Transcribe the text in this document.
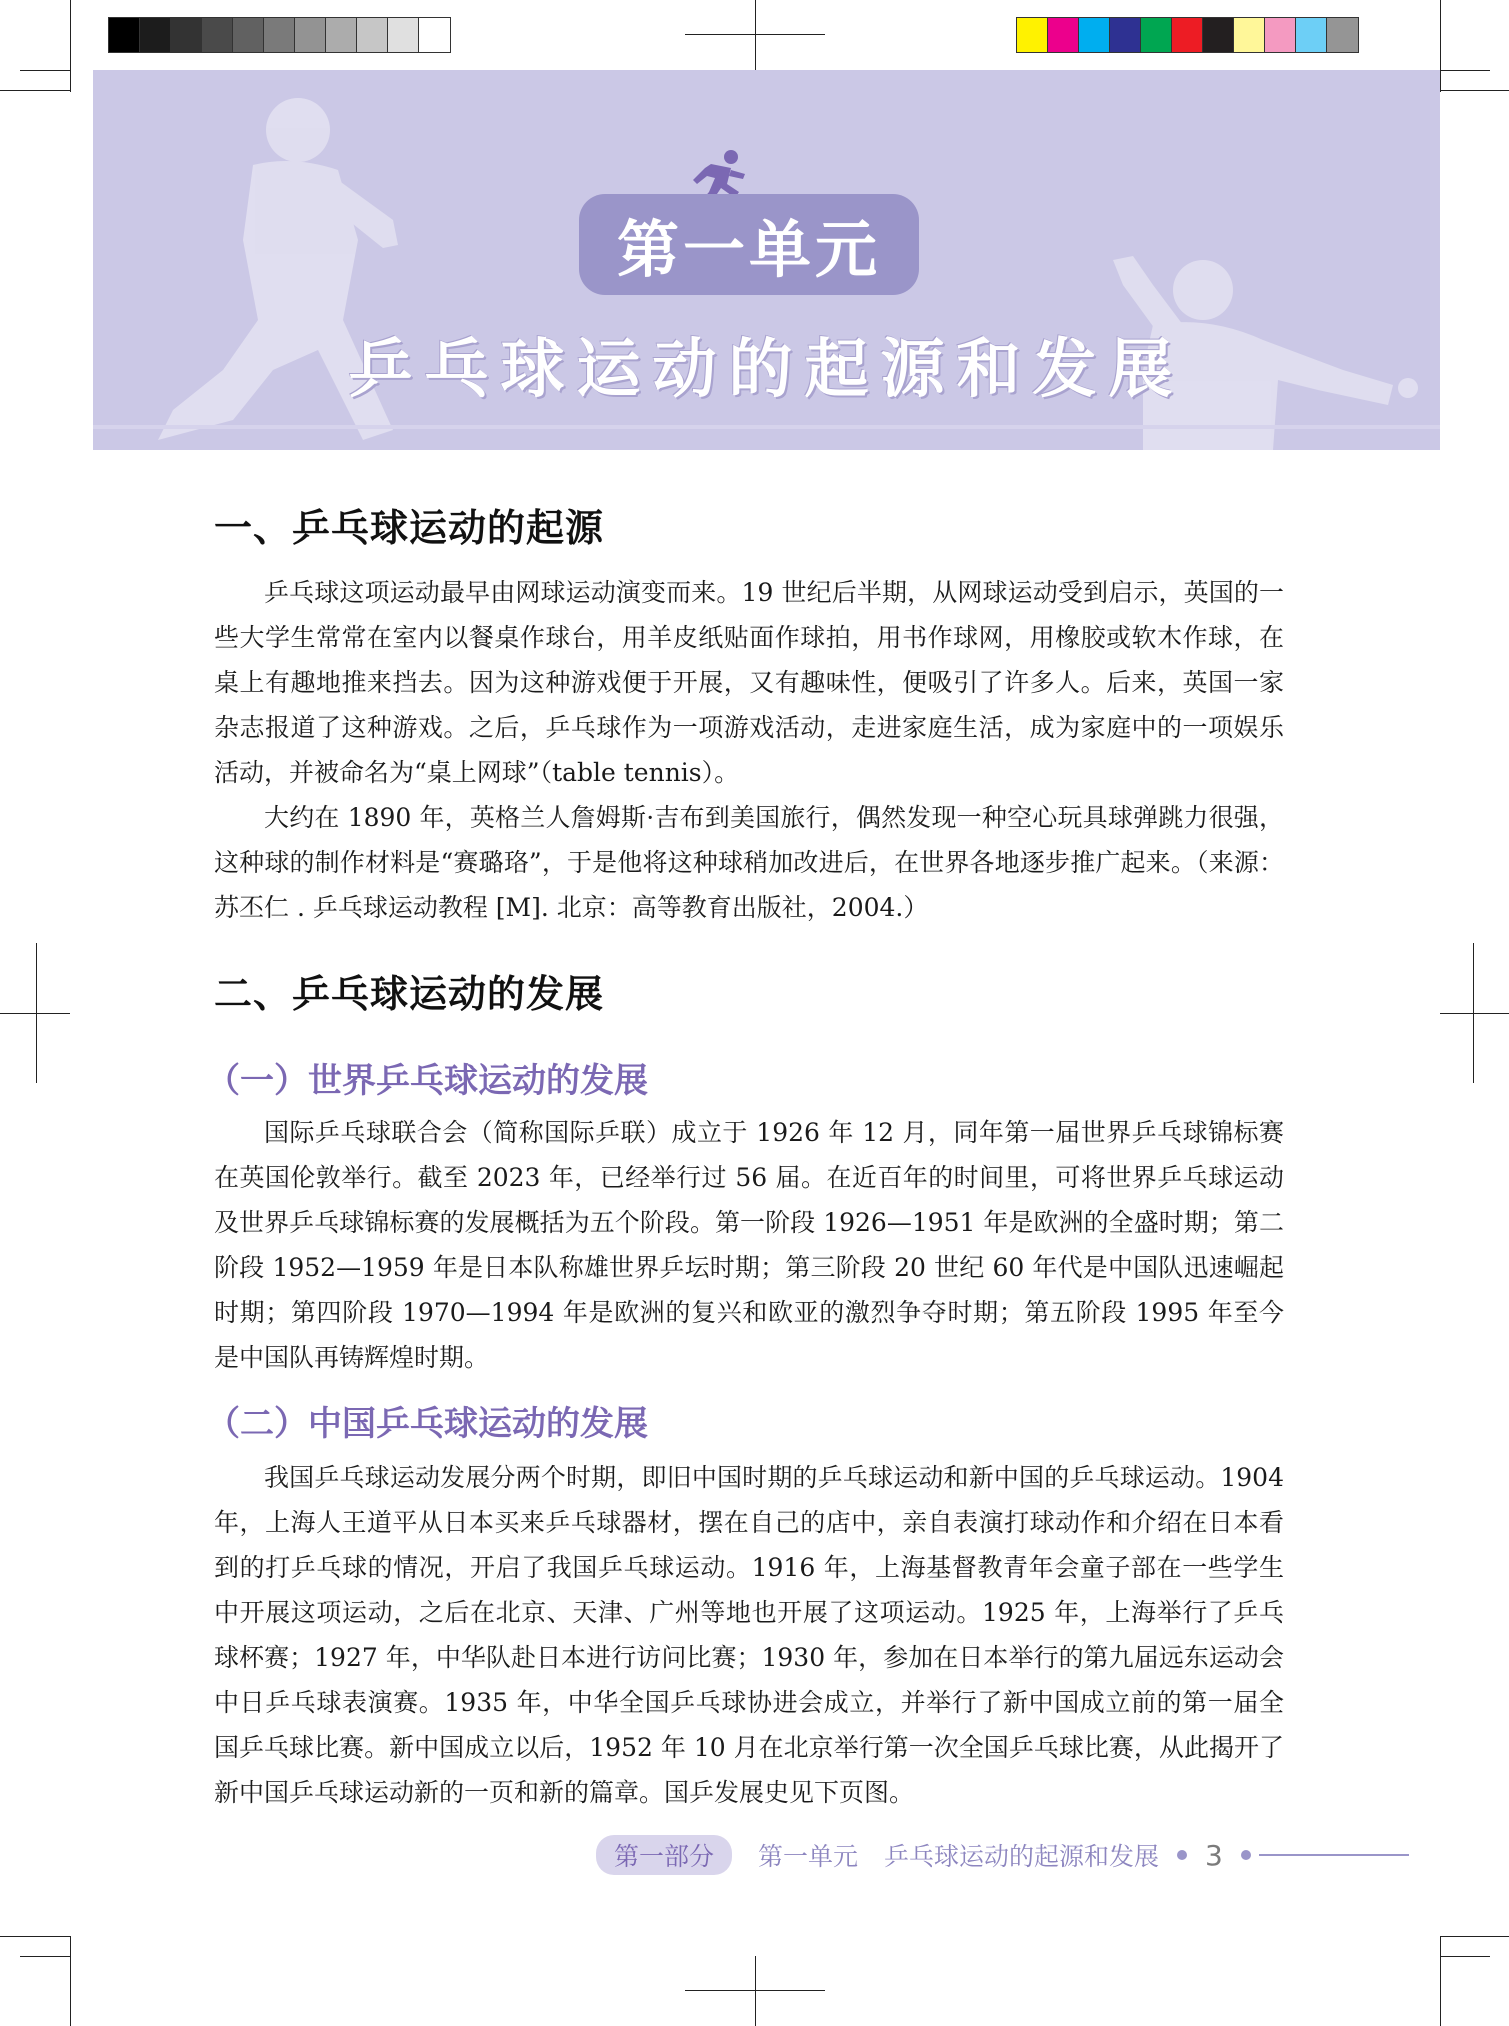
第一单元
乒乓球运动的起源和发展
一、乒乓球运动的起源
乒乓球这项运动最早由网球运动演变而来。19 世纪后半期，从网球运动受到启示，英国的一些大学生常常在室内以餐桌作球台，用羊皮纸贴面作球拍，用书作球网，用橡胶或软木作球，在桌上有趣地推来挡去。因为这种游戏便于开展，又有趣味性，便吸引了许多人。后来，英国一家杂志报道了这种游戏。之后，乒乓球作为一项游戏活动，走进家庭生活，成为家庭中的一项娱乐活动，并被命名为“桌上网球”（table tennis）。
大约在 1890 年，英格兰人詹姆斯·吉布到美国旅行，偶然发现一种空心玩具球弹跳力很强，这种球的制作材料是“赛璐珞”，于是他将这种球稍加改进后，在世界各地逐步推广起来。（来源：苏丕仁 . 乒乓球运动教程 [M]. 北京：高等教育出版社，2004.）
二、乒乓球运动的发展
（一）世界乒乓球运动的发展
国际乒乓球联合会（简称国际乒联）成立于 1926 年 12 月，同年第一届世界乒乓球锦标赛在英国伦敦举行。截至 2023 年，已经举行过 56 届。在近百年的时间里，可将世界乒乓球运动及世界乒乓球锦标赛的发展概括为五个阶段。第一阶段 1926—1951 年是欧洲的全盛时期；第二阶段 1952—1959 年是日本队称雄世界乒坛时期；第三阶段 20 世纪 60 年代是中国队迅速崛起时期；第四阶段 1970—1994 年是欧洲的复兴和欧亚的激烈争夺时期；第五阶段 1995 年至今是中国队再铸辉煌时期。
（二）中国乒乓球运动的发展
我国乒乓球运动发展分两个时期，即旧中国时期的乒乓球运动和新中国的乒乓球运动。1904 年，上海人王道平从日本买来乒乓球器材，摆在自己的店中，亲自表演打球动作和介绍在日本看到的打乒乓球的情况，开启了我国乒乓球运动。1916 年，上海基督教青年会童子部在一些学生中开展这项运动，之后在北京、天津、广州等地也开展了这项运动。1925 年，上海举行了乒乓球杯赛；1927 年，中华队赴日本进行访问比赛；1930 年，参加在日本举行的第九届远东运动会中日乒乓球表演赛。1935 年，中华全国乒乓球协进会成立，并举行了新中国成立前的第一届全国乒乓球比赛。新中国成立以后，1952 年 10 月在北京举行第一次全国乒乓球比赛，从此揭开了新中国乒乓球运动新的一页和新的篇章。国乒发展史见下页图。
第一部分	第一单元 乒乓球运动的起源和发展 3
